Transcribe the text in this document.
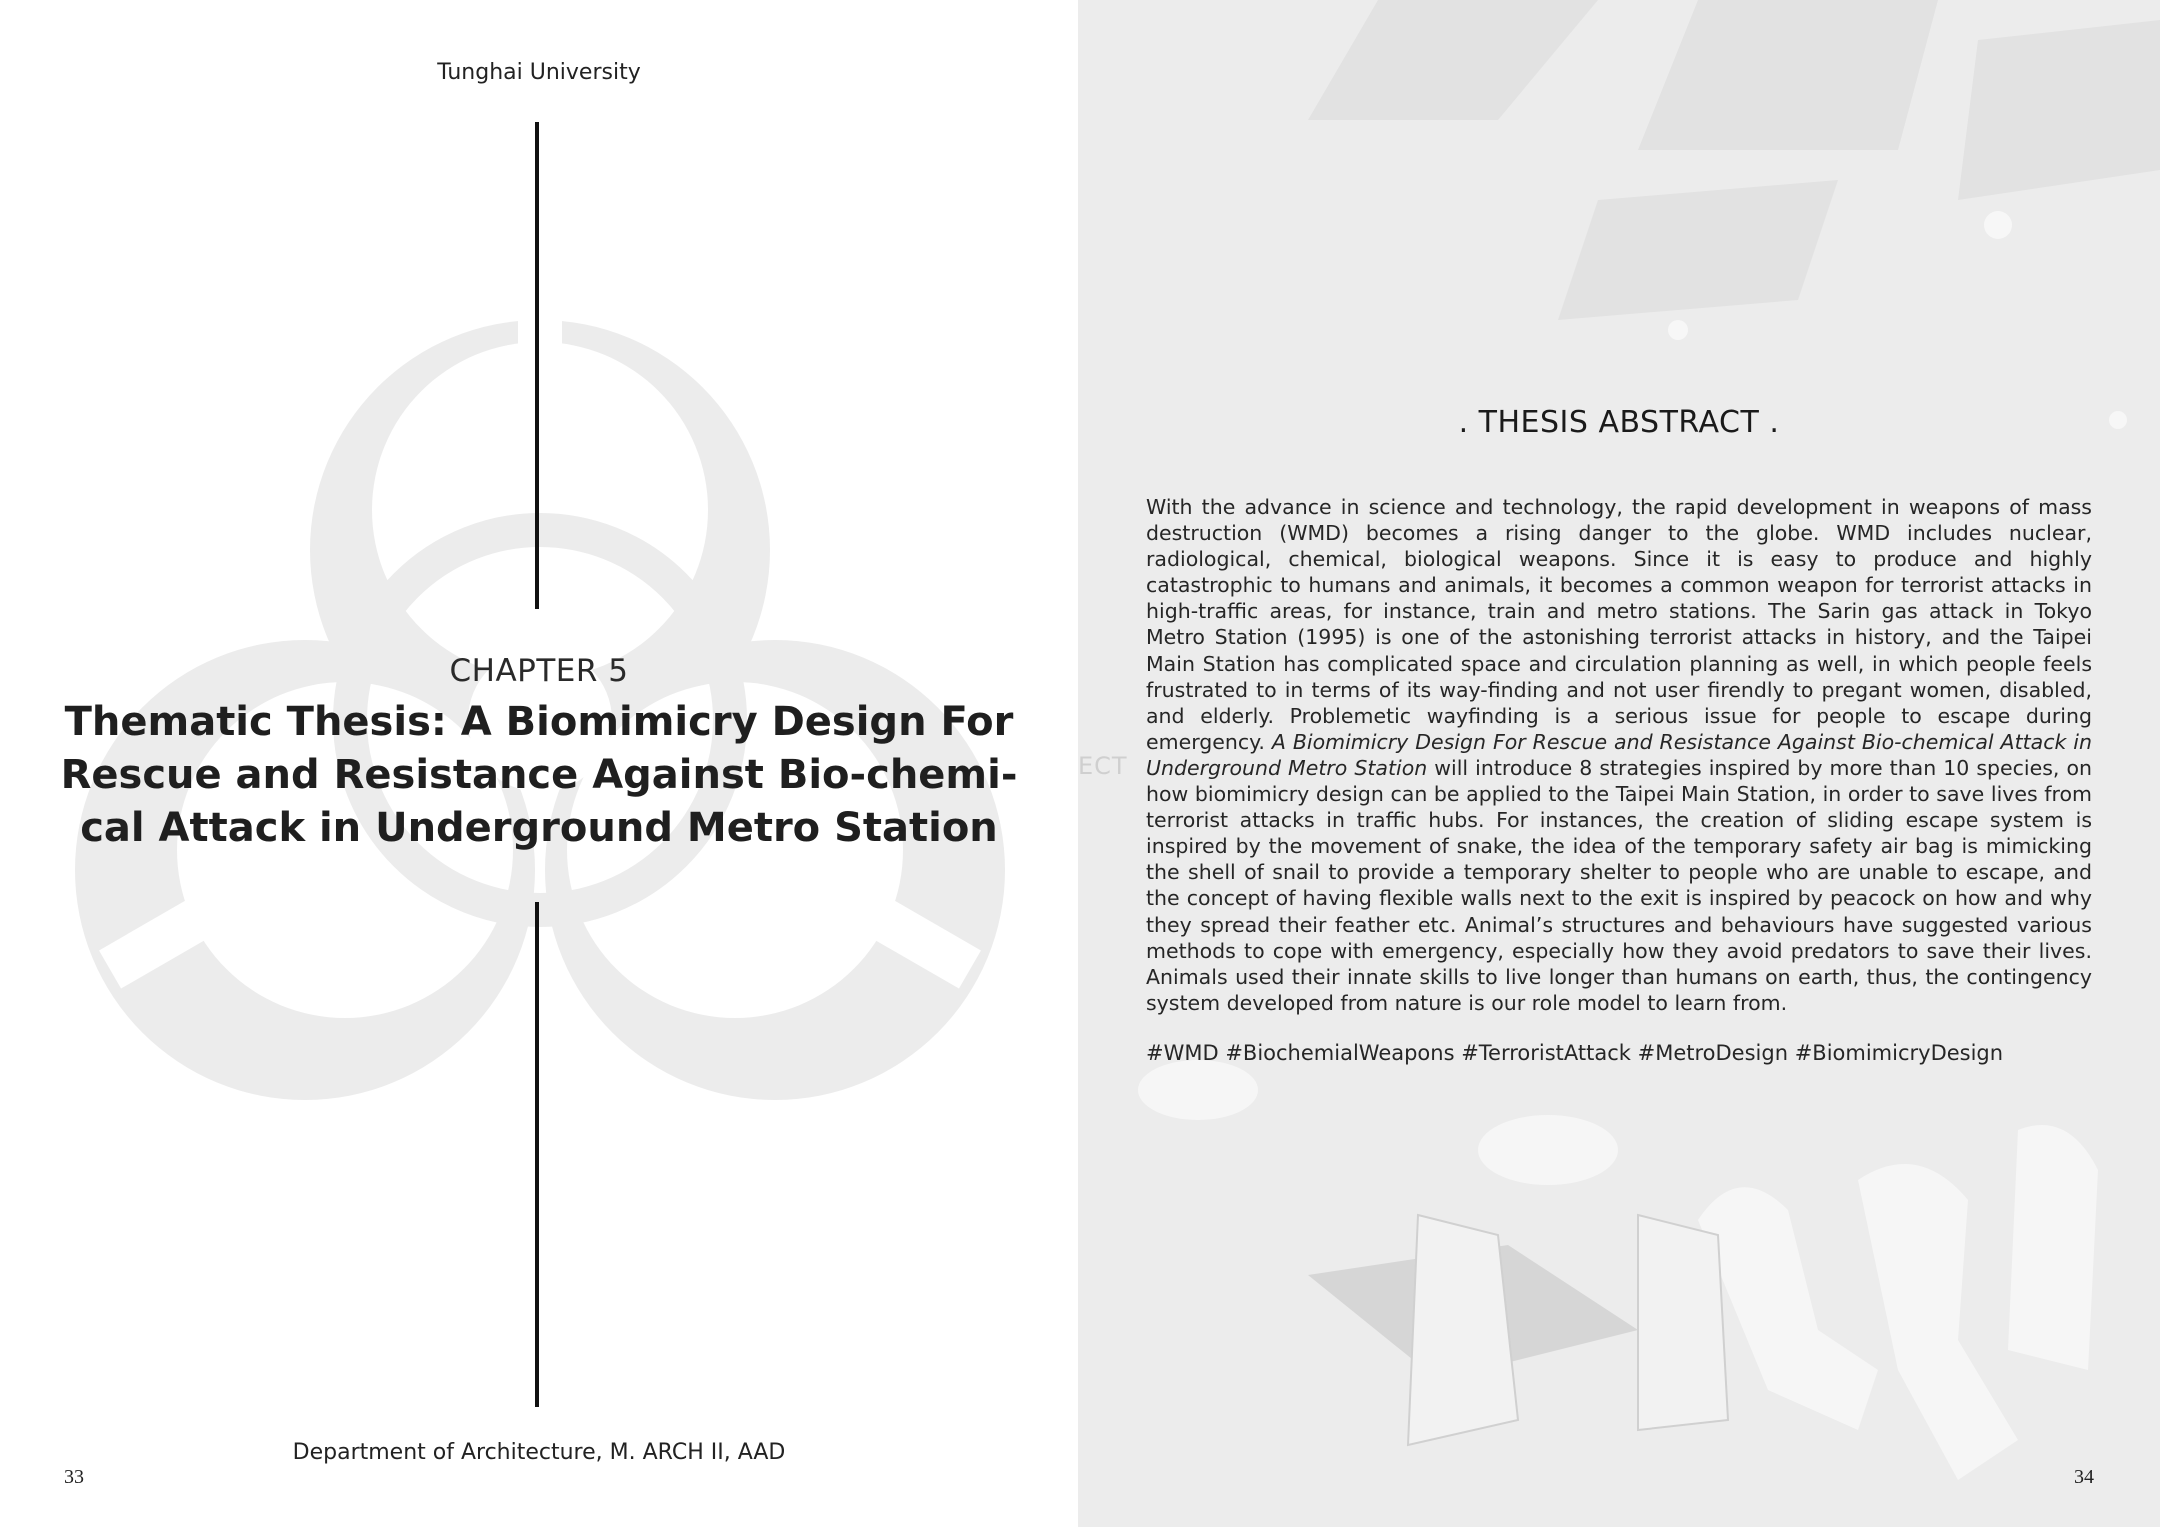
Tunghai University
CHAPTER 5
Thematic Thesis: A Biomimicry Design For Rescue and Resistance Against Bio-chemi- cal Attack in Underground Metro Station
Department of Architecture, M. ARCH II, AAD
33
ECT
. THESIS ABSTRACT .
With the advance in science and technology, the rapid development in weapons of mass destruction (WMD) becomes a rising danger to the globe. WMD includes nuclear, radiological, chemical, biological weapons. Since it is easy to produce and highly catastrophic to humans and animals, it becomes a common weapon for terrorist attacks in high-traffic areas, for instance, train and metro stations. The Sarin gas attack in Tokyo Metro Station (1995) is one of the astonishing terrorist attacks in history, and the Taipei Main Station has complicated space and circulation planning as well, in which people feels frustrated to in terms of its way-finding and not user firendly to pregant women, disabled, and elderly. Problemetic wayfinding is a serious issue for people to escape during emergency. A Biomimicry Design For Rescue and Resistance Against Bio-chemical Attack in Underground Metro Station will introduce 8 strategies inspired by more than 10 species, on how biomimicry design can be applied to the Taipei Main Station, in order to save lives from terrorist attacks in traffic hubs. For instances, the creation of sliding escape system is inspired by the movement of snake, the idea of the temporary safety air bag is mimicking the shell of snail to provide a temporary shelter to people who are unable to escape, and the concept of having flexible walls next to the exit is inspired by peacock on how and why they spread their feather etc. Animal’s structures and behaviours have suggested various methods to cope with emergency, especially how they avoid predators to save their lives. Animals used their innate skills to live longer than humans on earth, thus, the contingency system developed from nature is our role model to learn from.
#WMD #BiochemialWeapons #TerroristAttack #MetroDesign #BiomimicryDesign
34
